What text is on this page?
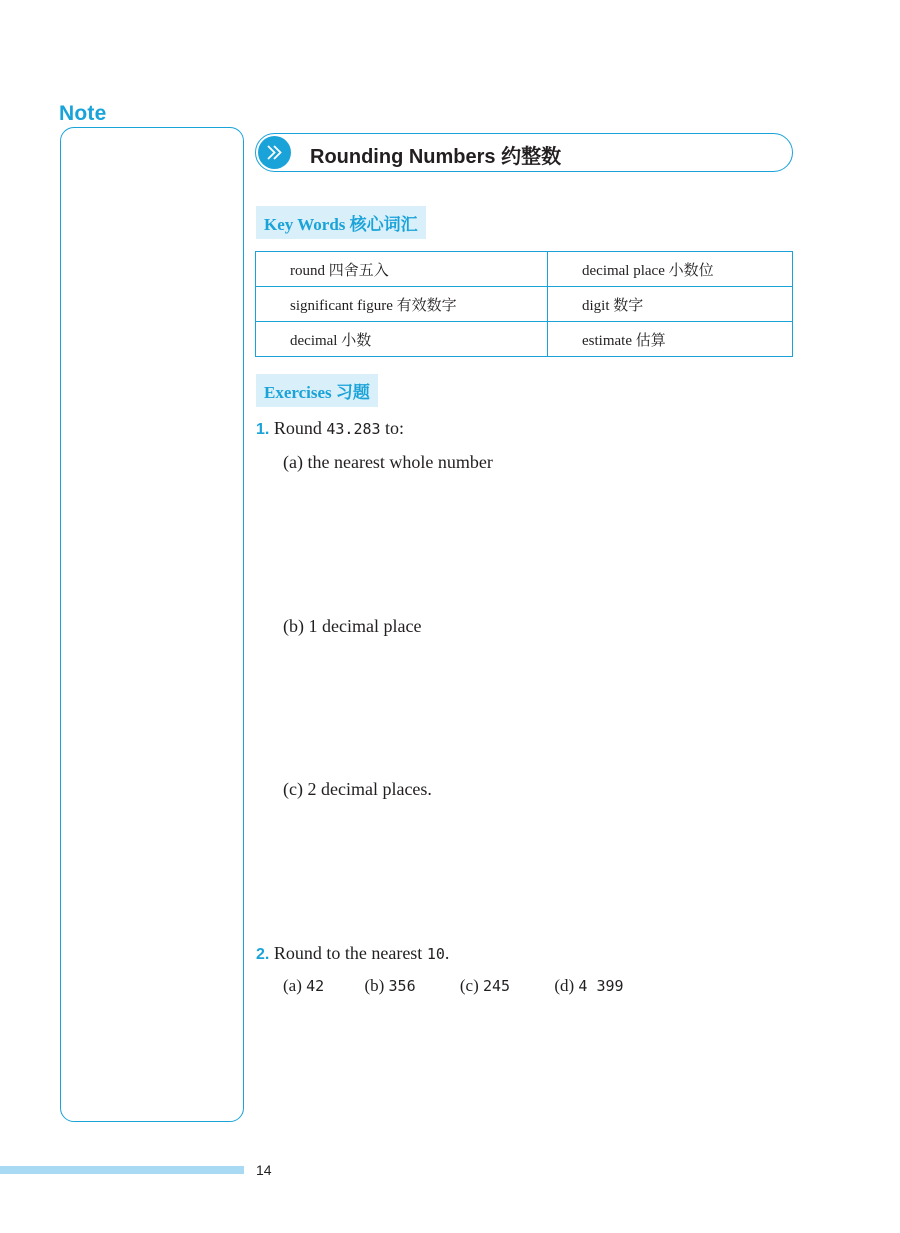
Note
Rounding Numbers 约整数
Key Words 核心词汇
round 四舍五入	decimal place 小数位
significant figure 有效数字	digit 数字
decimal 小数	estimate 估算
Exercises 习题
1. Round 43.283 to:
(a) the nearest whole number
(b) 1 decimal place
(c) 2 decimal places.
2. Round to the nearest 10.
(a) 42 (b) 356	(c) 245	(d) 4 399
14
